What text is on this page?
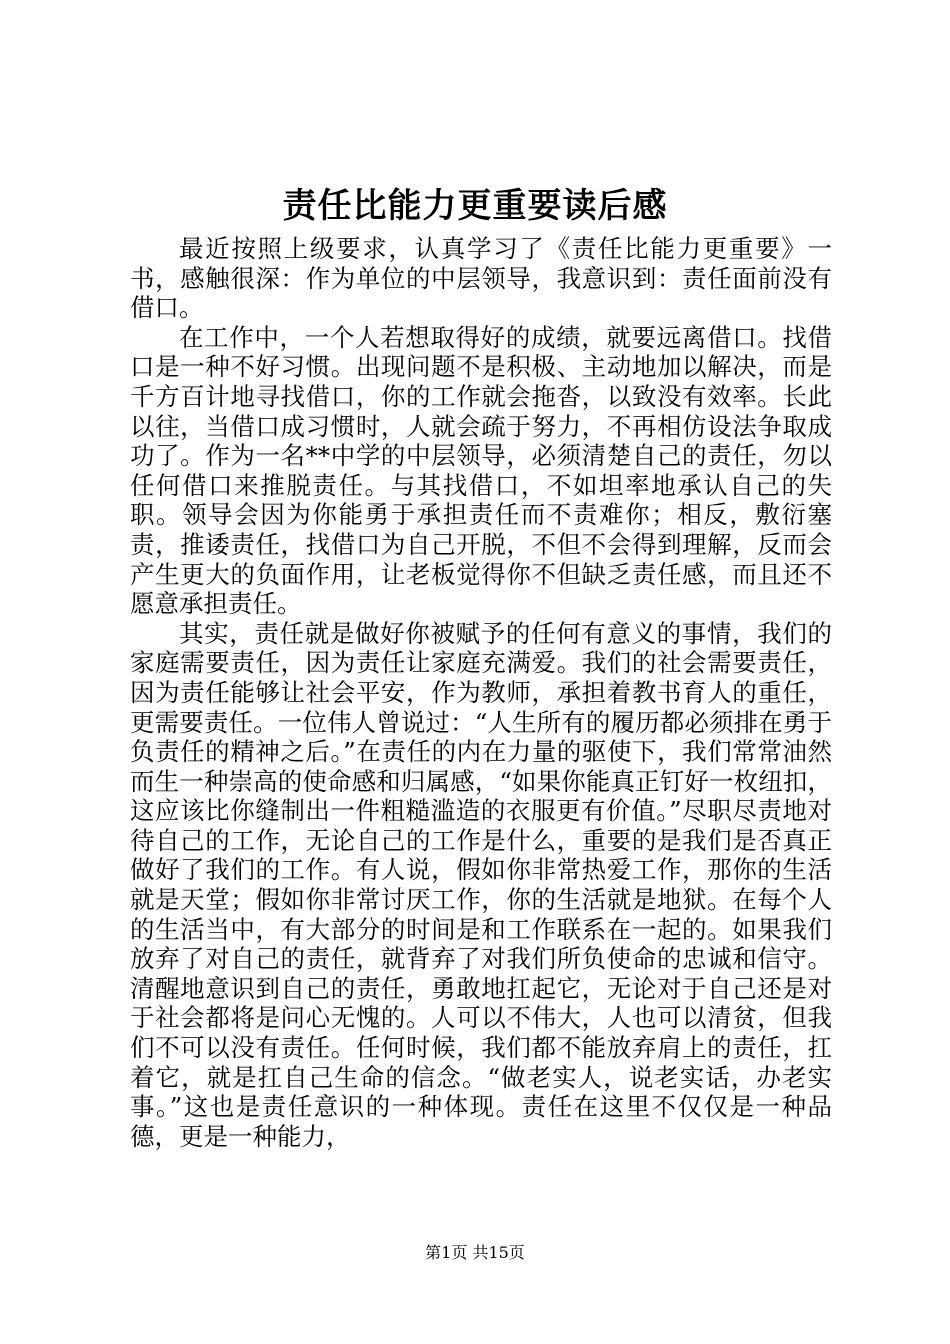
责任比能力更重要读后感

最近按照上级要求，认真学习了《责任比能力更重要》一书，感触很深：作为单位的中层领导，我意识到：责任面前没有借口。

在工作中，一个人若想取得好的成绩，就要远离借口。找借口是一种不好习惯。出现问题不是积极、主动地加以解决，而是千方百计地寻找借口，你的工作就会拖沓，以致没有效率。长此以往，当借口成习惯时，人就会疏于努力，不再相仿设法争取成功了。作为一名**中学的中层领导，必须清楚自己的责任，勿以任何借口来推脱责任。与其找借口，不如坦率地承认自己的失职。领导会因为你能勇于承担责任而不责难你；相反，敷衍塞责，推诿责任，找借口为自己开脱，不但不会得到理解，反而会产生更大的负面作用，让老板觉得你不但缺乏责任感，而且还不愿意承担责任。

其实，责任就是做好你被赋予的任何有意义的事情，我们的家庭需要责任，因为责任让家庭充满爱。我们的社会需要责任，因为责任能够让社会平安，作为教师，承担着教书育人的重任，更需要责任。一位伟人曾说过：“人生所有的履历都必须排在勇于负责任的精神之后。”在责任的内在力量的驱使下，我们常常油然而生一种崇高的使命感和归属感，“如果你能真正钉好一枚纽扣，这应该比你缝制出一件粗糙滥造的衣服更有价值。”尽职尽责地对待自己的工作，无论自己的工作是什么，重要的是我们是否真正做好了我们的工作。有人说，假如你非常热爱工作，那你的生活就是天堂；假如你非常讨厌工作，你的生活就是地狱。在每个人的生活当中，有大部分的时间是和工作联系在一起的。如果我们放弃了对自己的责任，就背弃了对我们所负使命的忠诚和信守。清醒地意识到自己的责任，勇敢地扛起它，无论对于自己还是对于社会都将是问心无愧的。人可以不伟大，人也可以清贫，但我们不可以没有责任。任何时候，我们都不能放弃肩上的责任，扛着它，就是扛自己生命的信念。“做老实人，说老实话，办老实事。”这也是责任意识的一种体现。责任在这里不仅仅是一种品德，更是一种能力，

第1页 共15页
